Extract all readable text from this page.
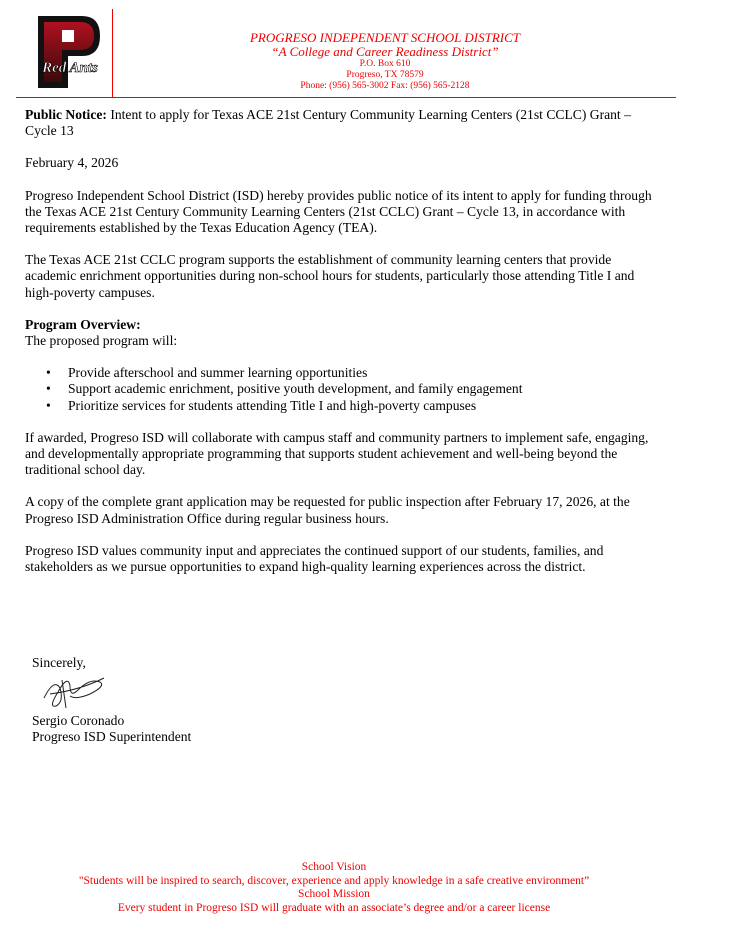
Red Ants
PROGRESO INDEPENDENT SCHOOL DISTRICT
“A College and Career Readiness District”
P.O. Box 610
Progreso, TX 78579
Phone: (956) 565-3002 Fax: (956) 565-2128

Public Notice: Intent to apply for Texas ACE 21st Century Community Learning Centers (21st CCLC) Grant – Cycle 13

February 4, 2026

Progreso Independent School District (ISD) hereby provides public notice of its intent to apply for funding through the Texas ACE 21st Century Community Learning Centers (21st CCLC) Grant – Cycle 13, in accordance with requirements established by the Texas Education Agency (TEA).

The Texas ACE 21st CCLC program supports the establishment of community learning centers that provide academic enrichment opportunities during non-school hours for students, particularly those attending Title I and high-poverty campuses.

Program Overview:

The proposed program will:

• Provide afterschool and summer learning opportunities
• Support academic enrichment, positive youth development, and family engagement
• Prioritize services for students attending Title I and high-poverty campuses

If awarded, Progreso ISD will collaborate with campus staff and community partners to implement safe, engaging, and developmentally appropriate programming that supports student achievement and well-being beyond the traditional school day.

A copy of the complete grant application may be requested for public inspection after February 17, 2026, at the Progreso ISD Administration Office during regular business hours.

Progreso ISD values community input and appreciates the continued support of our students, families, and stakeholders as we pursue opportunities to expand high-quality learning experiences across the district.

Sincerely,
Sergio Coronado
Progreso ISD Superintendent
School Vision
"Students will be inspired to search, discover, experience and apply knowledge in a safe creative environment”
School Mission
Every student in Progreso ISD will graduate with an associate’s degree and/or a career license
